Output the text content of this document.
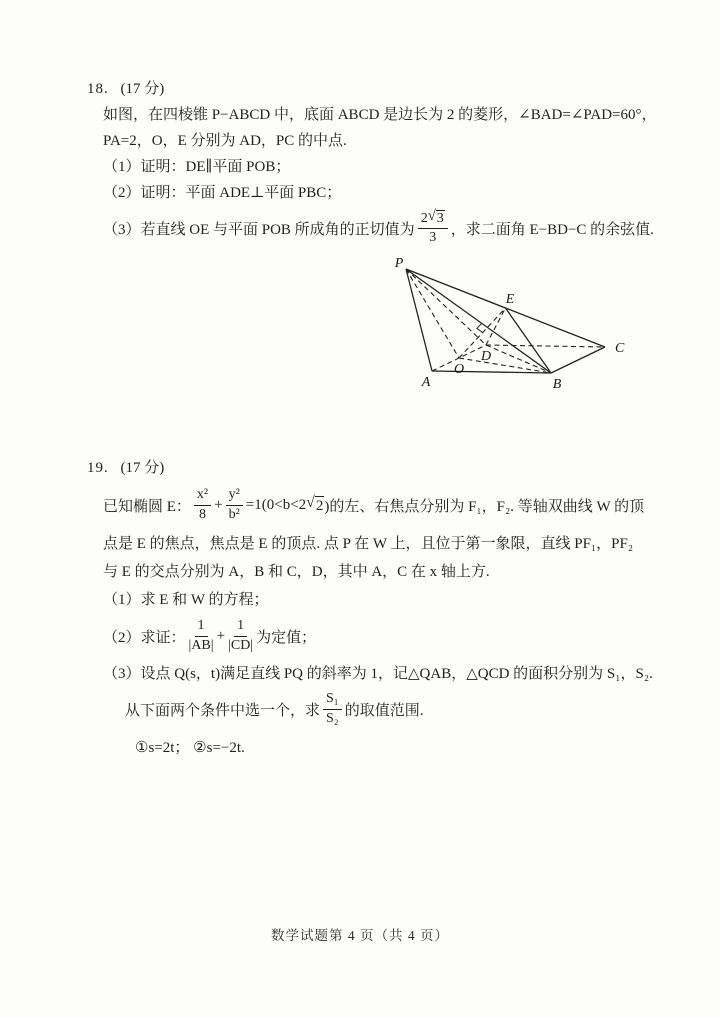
18. (17 分)

如图，在四棱锥 P−ABCD 中，底面 ABCD 是边长为 2 的菱形，∠BAD=∠PAD=60°，

PA=2，O，E 分别为 AD，PC 的中点.

（1）证明：DE∥平面 POB；

（2）证明：平面 ADE⊥平面 PBC；

（3）若直线 OE 与平面 POB 所成角的正切值为 $\frac{2 √ 3}{3}$ ，求二面角 E−BD−C 的余弦值.
P
A	B
C
D
O
E
19. (17 分)
已知椭圆 E： $\frac{\text{x²}}{8} + \frac{\text{y²}}{\text{b²}} =1(0<b<2$ √ 2 )的左、右焦点分别为 F₁，F₂. 等轴双曲线 W 的顶

点是 E 的焦点，焦点是 E 的顶点. 点 P 在 W 上，且位于第一象限，直线 PF₁，PF₂

与 E 的交点分别为 A，B 和 C，D，其中 A，C 在 x 轴上方.

（1）求 E 和 W 的方程；

（2）求证： $\frac{1}{|AB|} + \frac{1}{|CD|}$ 为定值；

（3）设点 Q(s，t)满足直线 PQ 的斜率为 1，记△QAB，△QCD 的面积分别为 S₁，S₂.

从下面两个条件中选一个，求 $\frac{\text{S₁}}{\text{S₂}}$ 的取值范围.

①s=2t； ②s=−2t.

数学试题第 4 页（共 4 页）
